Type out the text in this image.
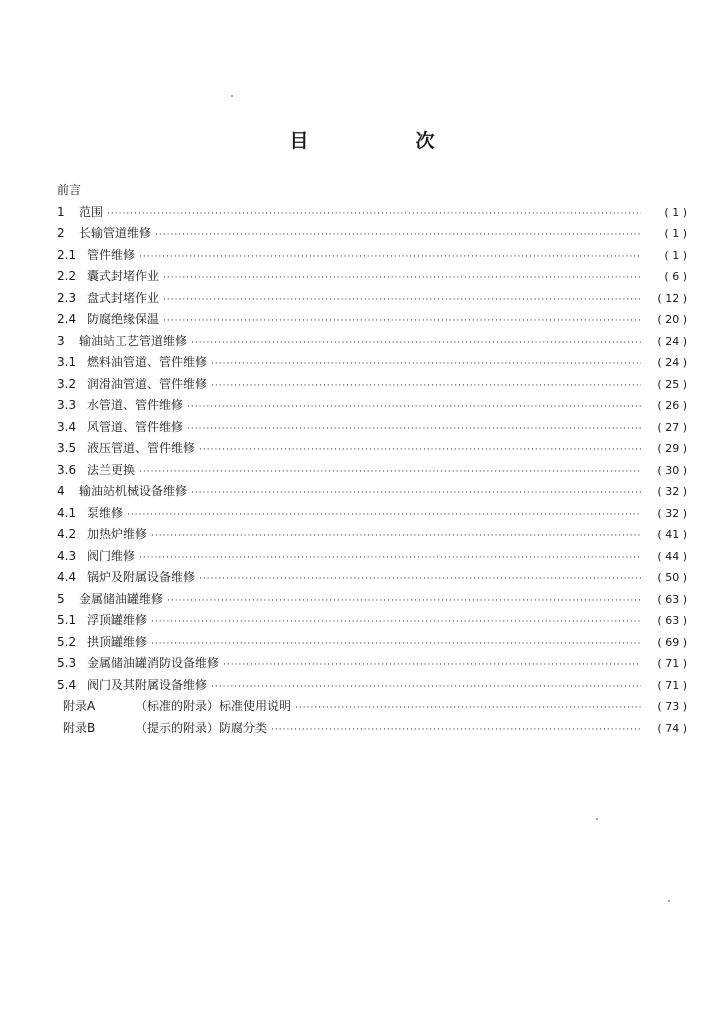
目　次
前言
1	范围 ·····	( 1 )
2	长输管道维修 ·····	( 1 )
2.1 管件维修 ·····	( 1 )
2.2 囊式封堵作业 ·····	( 6 )
2.3 盘式封堵作业 ·····	( 12 )
2.4 防腐绝缘保温 ·····	( 20 )
3	输油站工艺管道维修 ·····	( 24 )
3.1 燃料油管道、管件维修 ·····	( 24 )
3.2 润滑油管道、管件维修 ·····	( 25 )
3.3 水管道、管件维修 ·····	( 26 )
3.4 风管道、管件维修 ·····	( 27 )
3.5 液压管道、管件维修 ·····	( 29 )
3.6 法兰更换 ·····	( 30 )
4	输油站机械设备维修 ·····	( 32 )
4.1 泵维修 ·····	( 32 )
4.2 加热炉维修 ·····	( 41 )
4.3 阀门维修 ·····	( 44 )
4.4 锅炉及附属设备维修 ·····	( 50 )
5	金属储油罐维修 ·····	( 63 )
5.1 浮顶罐维修 ·····	( 63 )
5.2 拱顶罐维修 ·····	( 69 )
5.3 金属储油罐消防设备维修 ·····	( 71 )
5.4 阀门及其附属设备维修 ·····	( 71 )
附录A	（标准的附录）标准使用说明 ·····	( 73 )
附录B	（提示的附录）防腐分类 ·····	( 74 )
